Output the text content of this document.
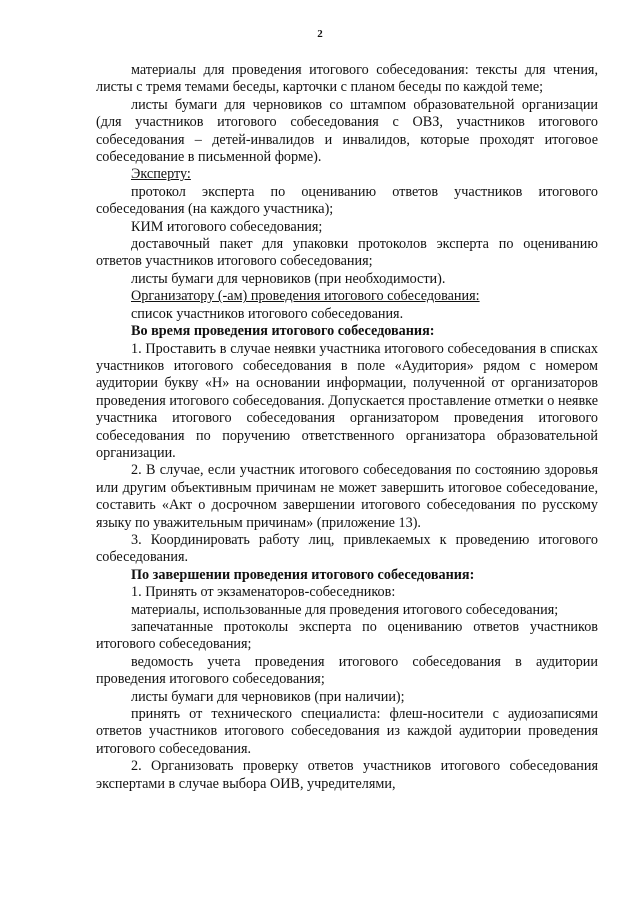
2

материалы для проведения итогового собеседования: тексты для чтения, листы с тремя темами беседы, карточки с планом беседы по каждой теме;

листы бумаги для черновиков со штампом образовательной организации (для участников итогового собеседования с ОВЗ, участников итогового собеседования – детей-инвалидов и инвалидов, которые проходят итоговое собеседование в письменной форме).

Эксперту:

протокол эксперта по оцениванию ответов участников итогового собеседования (на каждого участника);

КИМ итогового собеседования;

доставочный пакет для упаковки протоколов эксперта по оцениванию ответов участников итогового собеседования;

листы бумаги для черновиков (при необходимости).

Организатору (-ам) проведения итогового собеседования:

список участников итогового собеседования.

Во время проведения итогового собеседования:

1. Проставить в случае неявки участника итогового собеседования в списках участников итогового собеседования в поле «Аудитория» рядом с номером аудитории букву «Н» на основании информации, полученной от организаторов проведения итогового собеседования. Допускается проставление отметки о неявке участника итогового собеседования организатором проведения итогового собеседования по поручению ответственного организатора образовательной организации.

2. В случае, если участник итогового собеседования по состоянию здоровья или другим объективным причинам не может завершить итоговое собеседование, составить «Акт о досрочном завершении итогового собеседования по русскому языку по уважительным причинам» (приложение 13).

3. Координировать работу лиц, привлекаемых к проведению итогового собеседования.

По завершении проведения итогового собеседования:

1. Принять от экзаменаторов-собеседников:

материалы, использованные для проведения итогового собеседования;

запечатанные протоколы эксперта по оцениванию ответов участников итогового собеседования;

ведомость учета проведения итогового собеседования в аудитории проведения итогового собеседования;

листы бумаги для черновиков (при наличии);

принять от технического специалиста: флеш-носители с аудиозаписями ответов участников итогового собеседования из каждой аудитории проведения итогового собеседования.

2. Организовать проверку ответов участников итогового собеседования экспертами в случае выбора ОИВ, учредителями,
